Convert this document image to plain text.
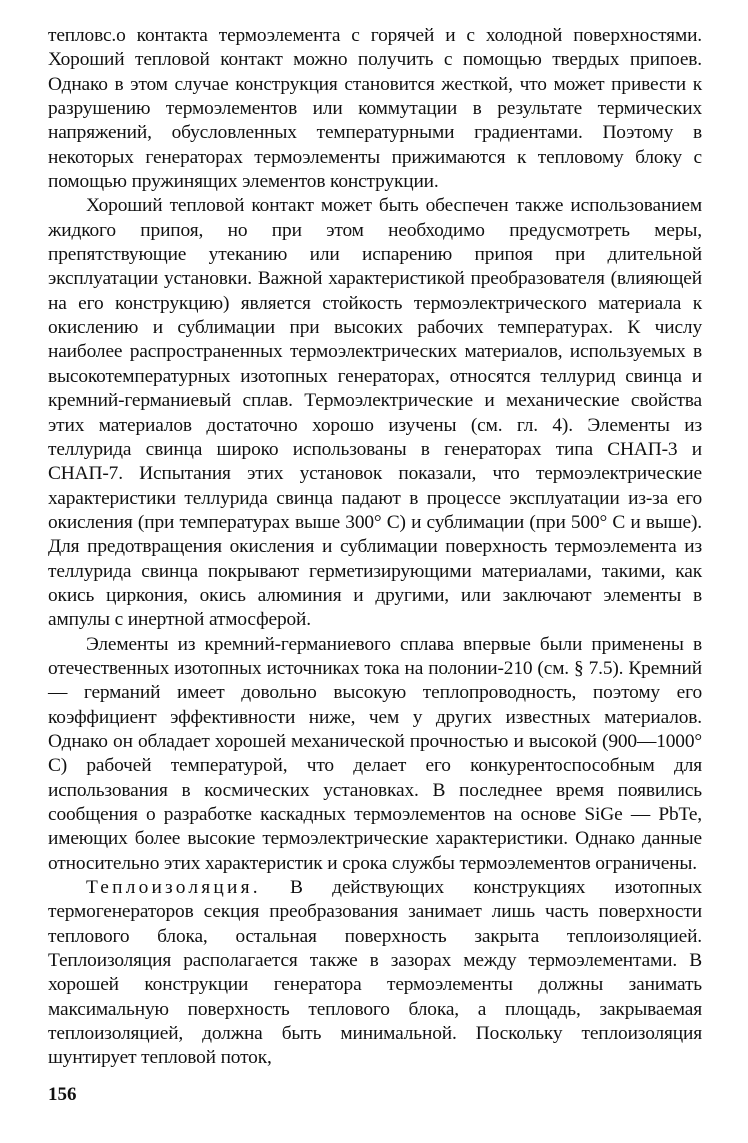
тепловс.о контакта термоэлемента с горячей и с холодной поверхностями. Хороший тепловой контакт можно получить с помощью твердых припоев. Однако в этом случае конструкция становится жесткой, что может привести к разрушению термоэлементов или коммутации в результате термических напряжений, обусловленных температурными градиентами. Поэтому в некоторых генераторах термоэлементы прижимаются к тепловому блоку с помощью пружинящих элементов конструкции.

Хороший тепловой контакт может быть обеспечен также использованием жидкого припоя, но при этом необходимо предусмотреть меры, препятствующие утеканию или испарению припоя при длительной эксплуатации установки. Важной характеристикой преобразователя (влияющей на его конструкцию) является стойкость термоэлектрического материала к окислению и сублимации при высоких рабочих температурах. К числу наиболее распространенных термоэлектрических материалов, используемых в высокотемпературных изотопных генераторах, относятся теллурид свинца и кремний-германиевый сплав. Термоэлектрические и механические свойства этих материалов достаточно хорошо изучены (см. гл. 4). Элементы из теллурида свинца широко использованы в генераторах типа СНАП-3 и СНАП-7. Испытания этих установок показали, что термоэлектрические характеристики теллурида свинца падают в процессе эксплуатации из-за его окисления (при температурах выше 300° С) и сублимации (при 500° С и выше). Для предотвращения окисления и сублимации поверхность термоэлемента из теллурида свинца покрывают герметизирующими материалами, такими, как окись циркония, окись алюминия и другими, или заключают элементы в ампулы с инертной атмосферой.

Элементы из кремний-германиевого сплава впервые были применены в отечественных изотопных источниках тока на полонии-210 (см. § 7.5). Кремний — германий имеет довольно высокую теплопроводность, поэтому его коэффициент эффективности ниже, чем у других известных материалов. Однако он обладает хорошей механической прочностью и высокой (900—1000° С) рабочей температурой, что делает его конкурентоспособным для использования в космических установках. В последнее время появились сообщения о разработке каскадных термоэлементов на основе SiGe — PbTe, имеющих более высокие термоэлектрические характеристики. Однако данные относительно этих характеристик и срока службы термоэлементов ограничены.

Теплоизоляция. В действующих конструкциях изотопных термогенераторов секция преобразования занимает лишь часть поверхности теплового блока, остальная поверхность закрыта теплоизоляцией. Теплоизоляция располагается также в зазорах между термоэлементами. В хорошей конструкции генератора термоэлементы должны занимать максимальную поверхность теплового блока, а площадь, закрываемая теплоизоляцией, должна быть минимальной. Поскольку теплоизоляция шунтирует тепловой поток,

156
